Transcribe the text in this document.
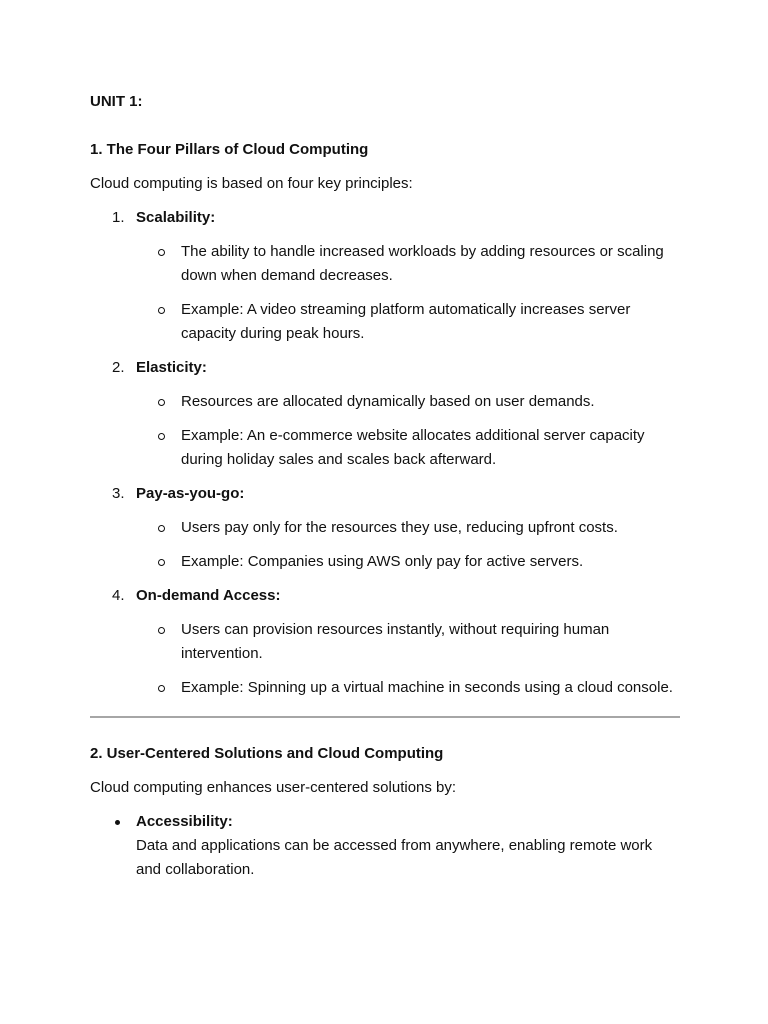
UNIT 1:
1. The Four Pillars of Cloud Computing
Cloud computing is based on four key principles:
1. Scalability:
The ability to handle increased workloads by adding resources or scaling down when demand decreases.
Example: A video streaming platform automatically increases server capacity during peak hours.
2. Elasticity:
Resources are allocated dynamically based on user demands.
Example: An e-commerce website allocates additional server capacity during holiday sales and scales back afterward.
3. Pay-as-you-go:
Users pay only for the resources they use, reducing upfront costs.
Example: Companies using AWS only pay for active servers.
4. On-demand Access:
Users can provision resources instantly, without requiring human intervention.
Example: Spinning up a virtual machine in seconds using a cloud console.
2. User-Centered Solutions and Cloud Computing
Cloud computing enhances user-centered solutions by:
Accessibility:
Data and applications can be accessed from anywhere, enabling remote work and collaboration.
